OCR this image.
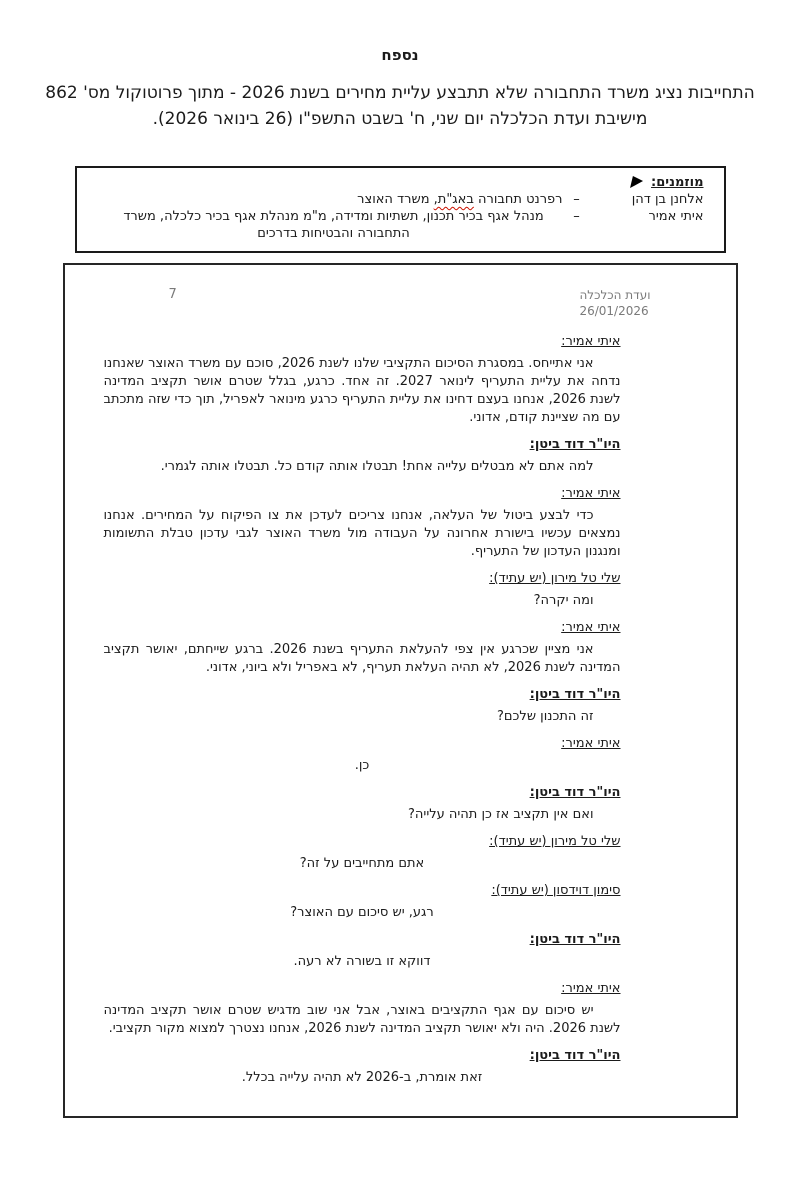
נספח
התחייבות נציג משרד התחבורה שלא תתבצע עליית מחירים בשנת 2026 - מתוך פרוטוקול מס' 862 מישיבת ועדת הכלכלה יום שני, ח' בשבט התשפ"ו (26 בינואר 2026).
מוזמנים:
אלחנן בן דהן
–
רפרנט תחבורה באג"ת, משרד האוצר
איתי אמיר
–
מנהל אגף בכיר תכנון, תשתיות ומדידה, מ"מ מנהלת אגף בכיר כלכלה, משרד התחבורה והבטיחות בדרכים
ועדת הכלכלה
26/01/2026
7
איתי אמיר:
אני אתייחס. במסגרת הסיכום התקציבי שלנו לשנת 2026, סוכם עם משרד האוצר שאנחנו נדחה את עליית התעריף לינואר 2027. זה אחד. כרגע, בגלל שטרם אושר תקציב המדינה לשנת 2026, אנחנו בעצם דחינו את עליית התעריף כרגע מינואר לאפריל, תוך כדי שזה מתכתב עם מה שציינת קודם, אדוני.
היו"ר דוד ביטן:
למה אתם לא מבטלים עלייה אחת! תבטלו אותה קודם כל. תבטלו אותה לגמרי.
איתי אמיר:
כדי לבצע ביטול של העלאה, אנחנו צריכים לעדכן את צו הפיקוח על המחירים. אנחנו נמצאים עכשיו בישורת אחרונה על העבודה מול משרד האוצר לגבי עדכון טבלת התשומות ומנגנון העדכון של התעריף.
שלי טל מירון (יש עתיד):
ומה יקרה?
איתי אמיר:
אני מציין שכרגע אין צפי להעלאת התעריף בשנת 2026. ברגע שייחתם, יאושר תקציב המדינה לשנת 2026, לא תהיה העלאת תעריף, לא באפריל ולא ביוני, אדוני.
היו"ר דוד ביטן:
זה התכנון שלכם?
איתי אמיר:
כן.
היו"ר דוד ביטן:
ואם אין תקציב אז כן תהיה עלייה?
שלי טל מירון (יש עתיד):
אתם מתחייבים על זה?
סימון דוידסון (יש עתיד):
רגע, יש סיכום עם האוצר?
היו"ר דוד ביטן:
דווקא זו בשורה לא רעה.
איתי אמיר:
יש סיכום עם אגף התקציבים באוצר, אבל אני שוב מדגיש שטרם אושר תקציב המדינה לשנת 2026. היה ולא יאושר תקציב המדינה לשנת 2026, אנחנו נצטרך למצוא מקור תקציבי.
היו"ר דוד ביטן:
זאת אומרת, ב-2026 לא תהיה עלייה בכלל.
